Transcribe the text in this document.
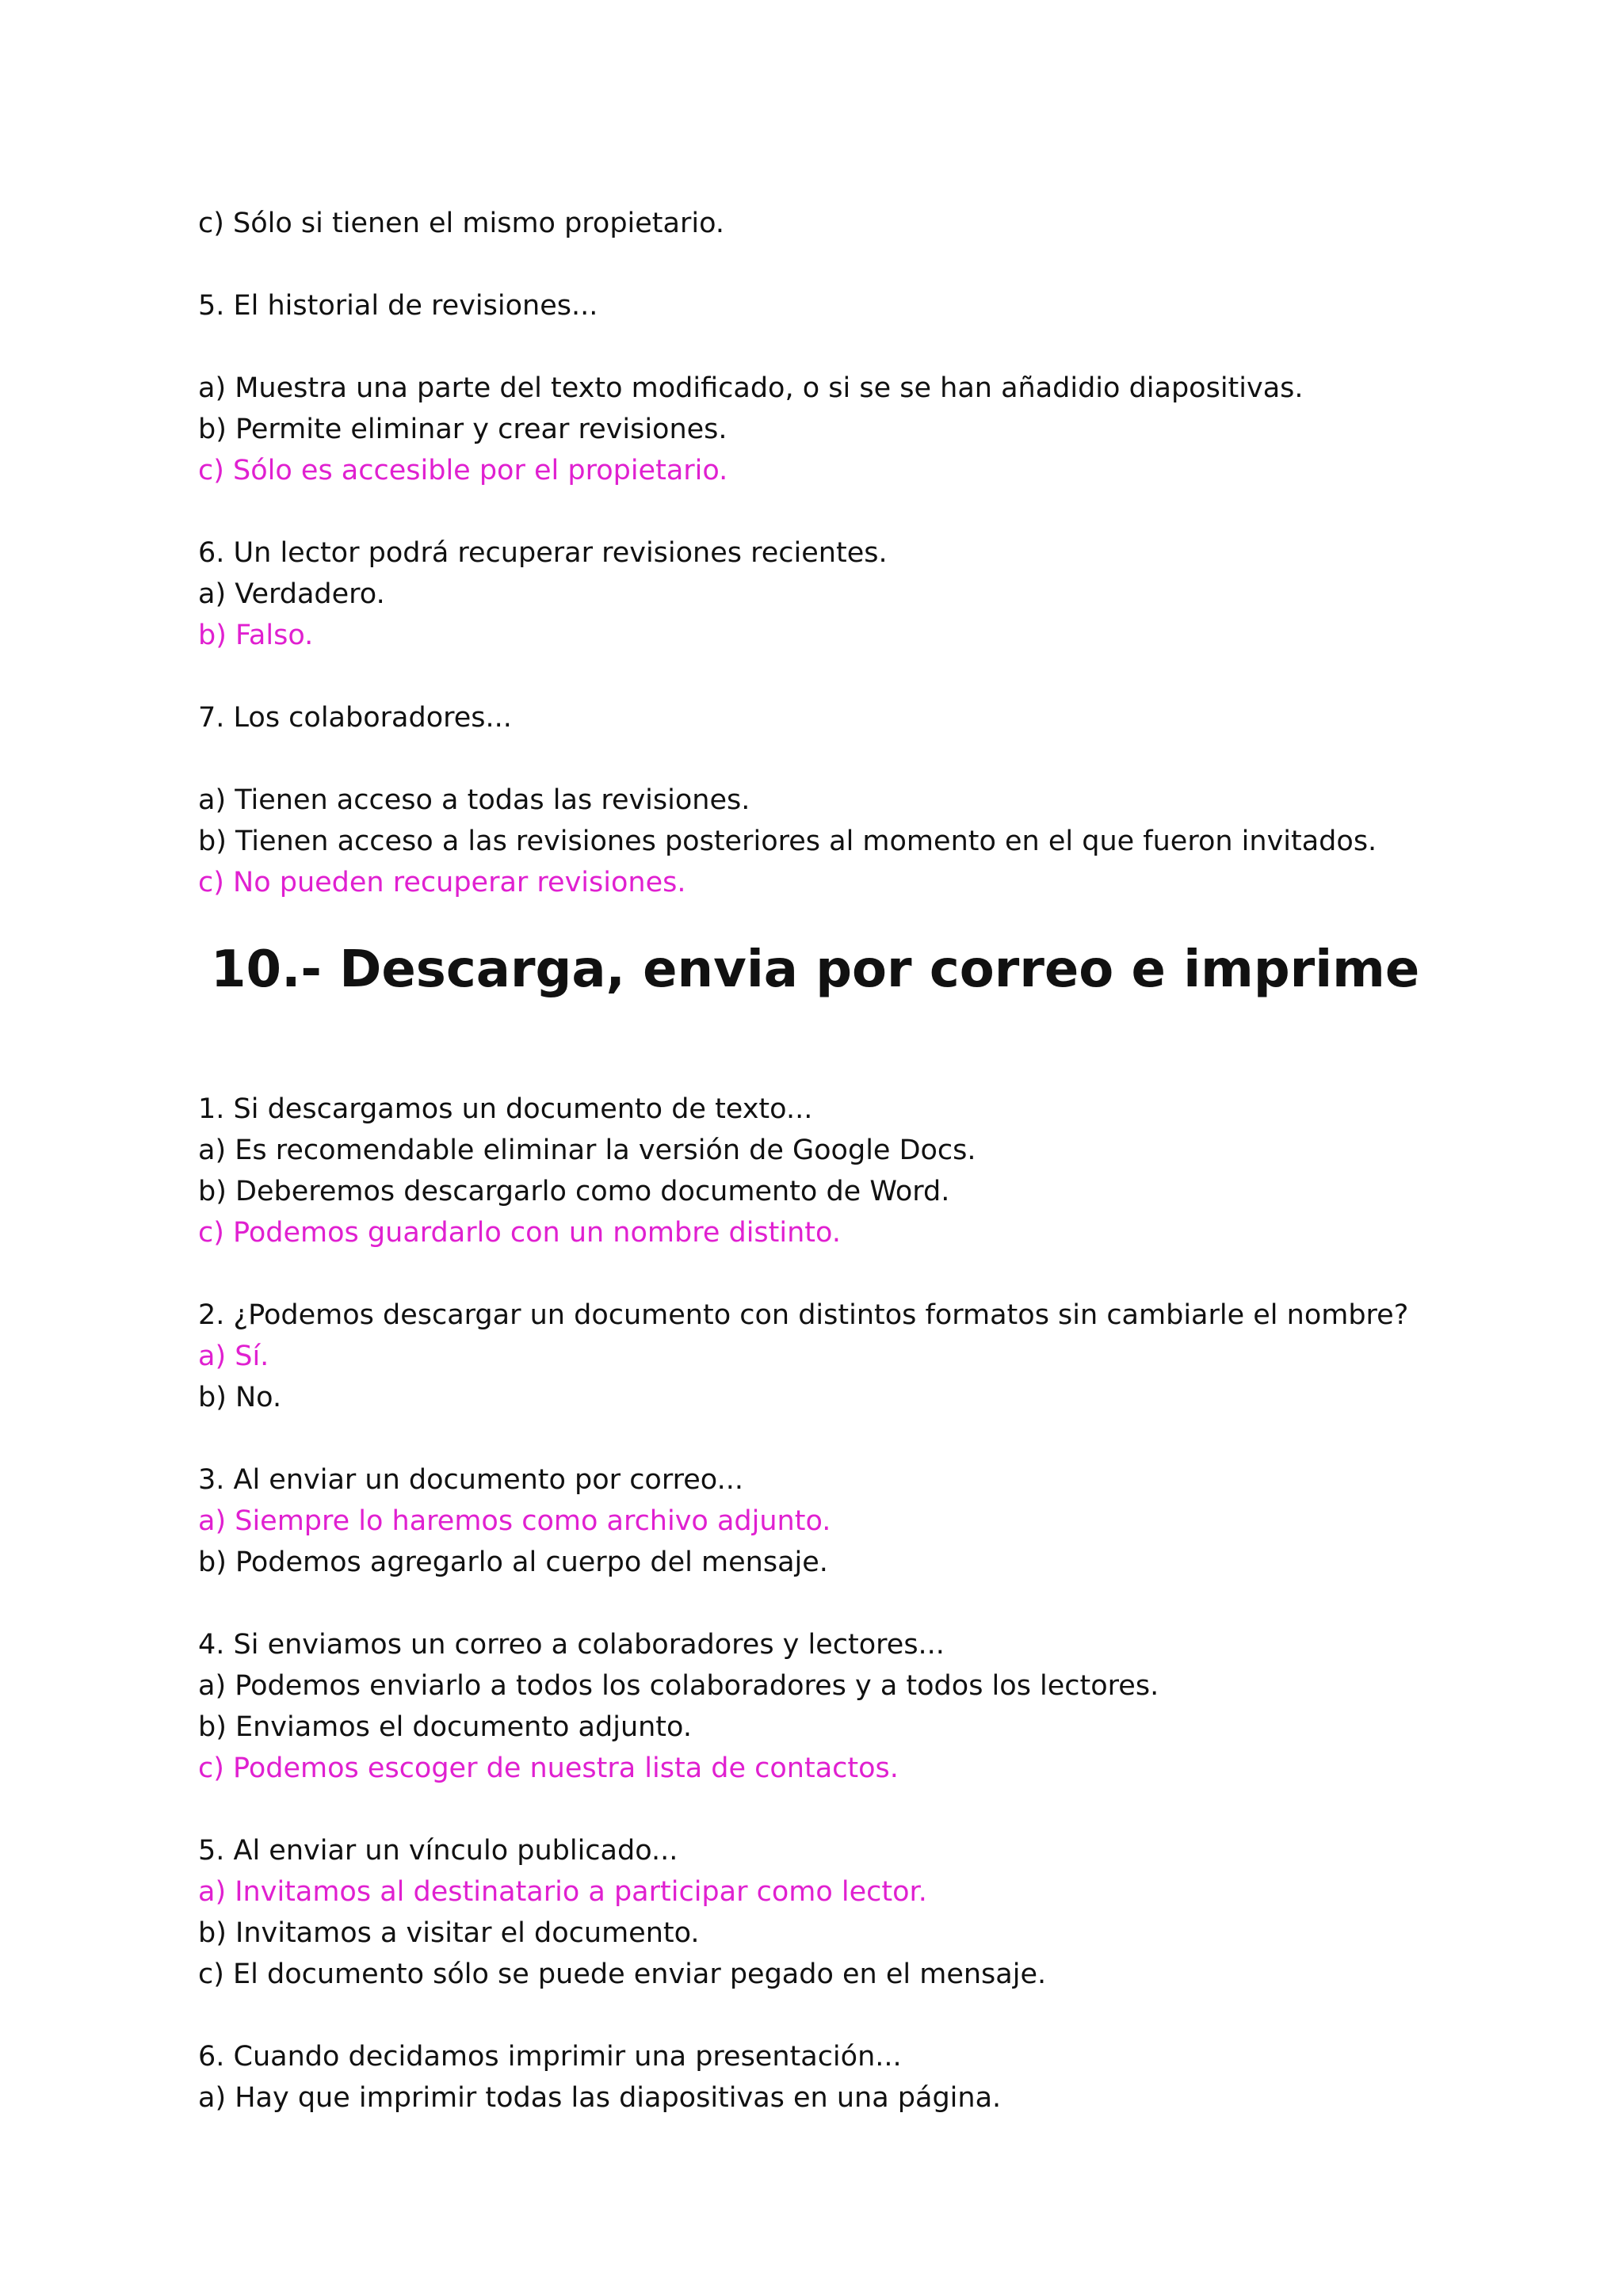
c) Sólo si tienen el mismo propietario.
5. El historial de revisiones...
a) Muestra una parte del texto modificado, o si se se han añadidio diapositivas.
b) Permite eliminar y crear revisiones.
c) Sólo es accesible por el propietario.
6. Un lector podrá recuperar revisiones recientes.
a) Verdadero.
b) Falso.
7. Los colaboradores...
a) Tienen acceso a todas las revisiones.
b) Tienen acceso a las revisiones posteriores al momento en el que fueron invitados.
c) No pueden recuperar revisiones.
10.- Descarga, envia por correo e imprime
1. Si descargamos un documento de texto...
a) Es recomendable eliminar la versión de Google Docs.
b) Deberemos descargarlo como documento de Word.
c) Podemos guardarlo con un nombre distinto.
2. ¿Podemos descargar un documento con distintos formatos sin cambiarle el nombre?
a) Sí.
b) No.
3. Al enviar un documento por correo...
a) Siempre lo haremos como archivo adjunto.
b) Podemos agregarlo al cuerpo del mensaje.
4. Si enviamos un correo a colaboradores y lectores...
a) Podemos enviarlo a todos los colaboradores y a todos los lectores.
b) Enviamos el documento adjunto.
c) Podemos escoger de nuestra lista de contactos.
5. Al enviar un vínculo publicado...
a) Invitamos al destinatario a participar como lector.
b) Invitamos a visitar el documento.
c) El documento sólo se puede enviar pegado en el mensaje.
6. Cuando decidamos imprimir una presentación...
a) Hay que imprimir todas las diapositivas en una página.
